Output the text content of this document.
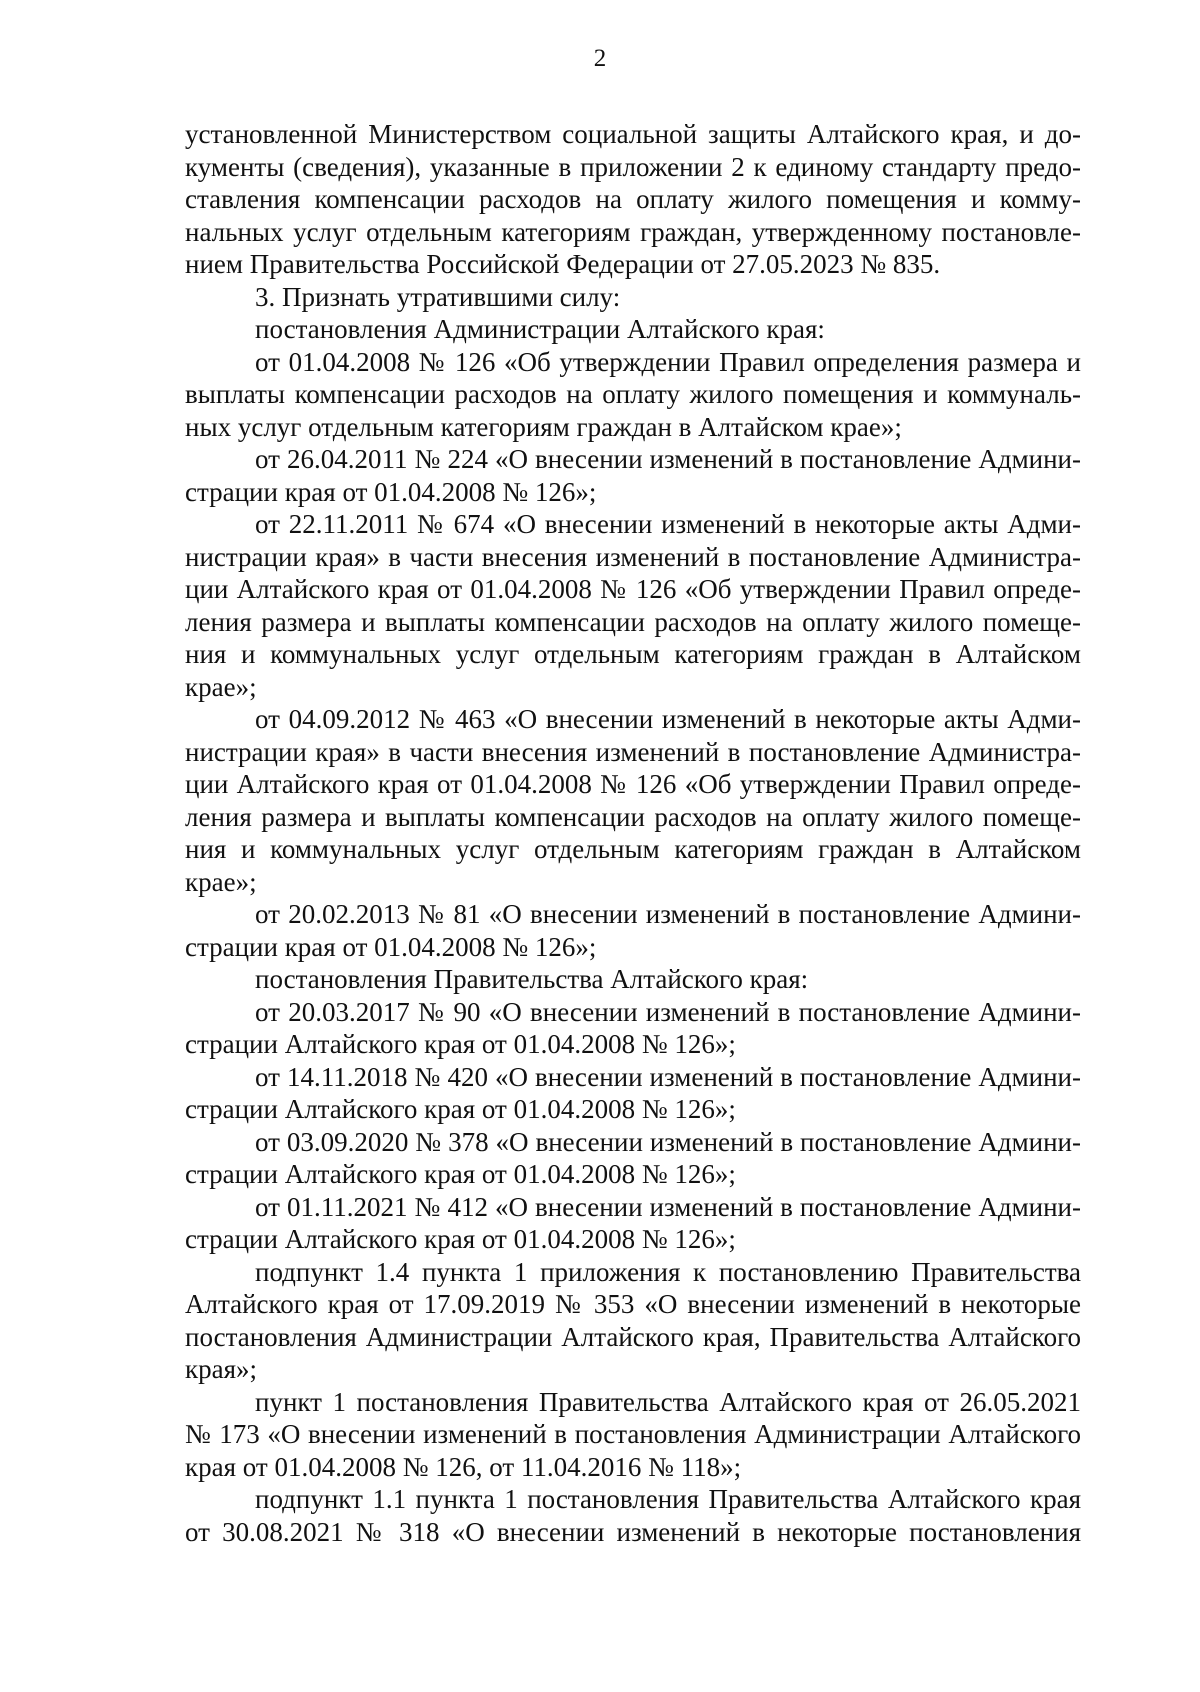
2
установленной Министерством социальной защиты Алтайского края, и до-
кументы (сведения), указанные в приложении 2 к единому стандарту предо-
ставления компенсации расходов на оплату жилого помещения и комму-
нальных услуг отдельным категориям граждан, утвержденному постановле-
нием Правительства Российской Федерации от 27.05.2023 № 835.
3. Признать утратившими силу:
постановления Администрации Алтайского края:
от 01.04.2008 № 126 «Об утверждении Правил определения размера и
выплаты компенсации расходов на оплату жилого помещения и коммуналь-
ных услуг отдельным категориям граждан в Алтайском крае»;
от 26.04.2011 № 224 «О внесении изменений в постановление Админи-
страции края от 01.04.2008 № 126»;
от 22.11.2011 № 674 «О внесении изменений в некоторые акты Адми-
нистрации края» в части внесения изменений в постановление Администра-
ции Алтайского края от 01.04.2008 № 126 «Об утверждении Правил опреде-
ления размера и выплаты компенсации расходов на оплату жилого помеще-
ния и коммунальных услуг отдельным категориям граждан в Алтайском
крае»;
от 04.09.2012 № 463 «О внесении изменений в некоторые акты Адми-
нистрации края» в части внесения изменений в постановление Администра-
ции Алтайского края от 01.04.2008 № 126 «Об утверждении Правил опреде-
ления размера и выплаты компенсации расходов на оплату жилого помеще-
ния и коммунальных услуг отдельным категориям граждан в Алтайском
крае»;
от 20.02.2013 № 81 «О внесении изменений в постановление Админи-
страции края от 01.04.2008 № 126»;
постановления Правительства Алтайского края:
от 20.03.2017 № 90 «О внесении изменений в постановление Админи-
страции Алтайского края от 01.04.2008 № 126»;
от 14.11.2018 № 420 «О внесении изменений в постановление Админи-
страции Алтайского края от 01.04.2008 № 126»;
от 03.09.2020 № 378 «О внесении изменений в постановление Админи-
страции Алтайского края от 01.04.2008 № 126»;
от 01.11.2021 № 412 «О внесении изменений в постановление Админи-
страции Алтайского края от 01.04.2008 № 126»;
подпункт 1.4 пункта 1 приложения к постановлению Правительства
Алтайского края от 17.09.2019 № 353 «О внесении изменений в некоторые
постановления Администрации Алтайского края, Правительства Алтайского
края»;
пункт 1 постановления Правительства Алтайского края от 26.05.2021
№ 173 «О внесении изменений в постановления Администрации Алтайского
края от 01.04.2008 № 126, от 11.04.2016 № 118»;
подпункт 1.1 пункта 1 постановления Правительства Алтайского края
от 30.08.2021 № 318 «О внесении изменений в некоторые постановления
